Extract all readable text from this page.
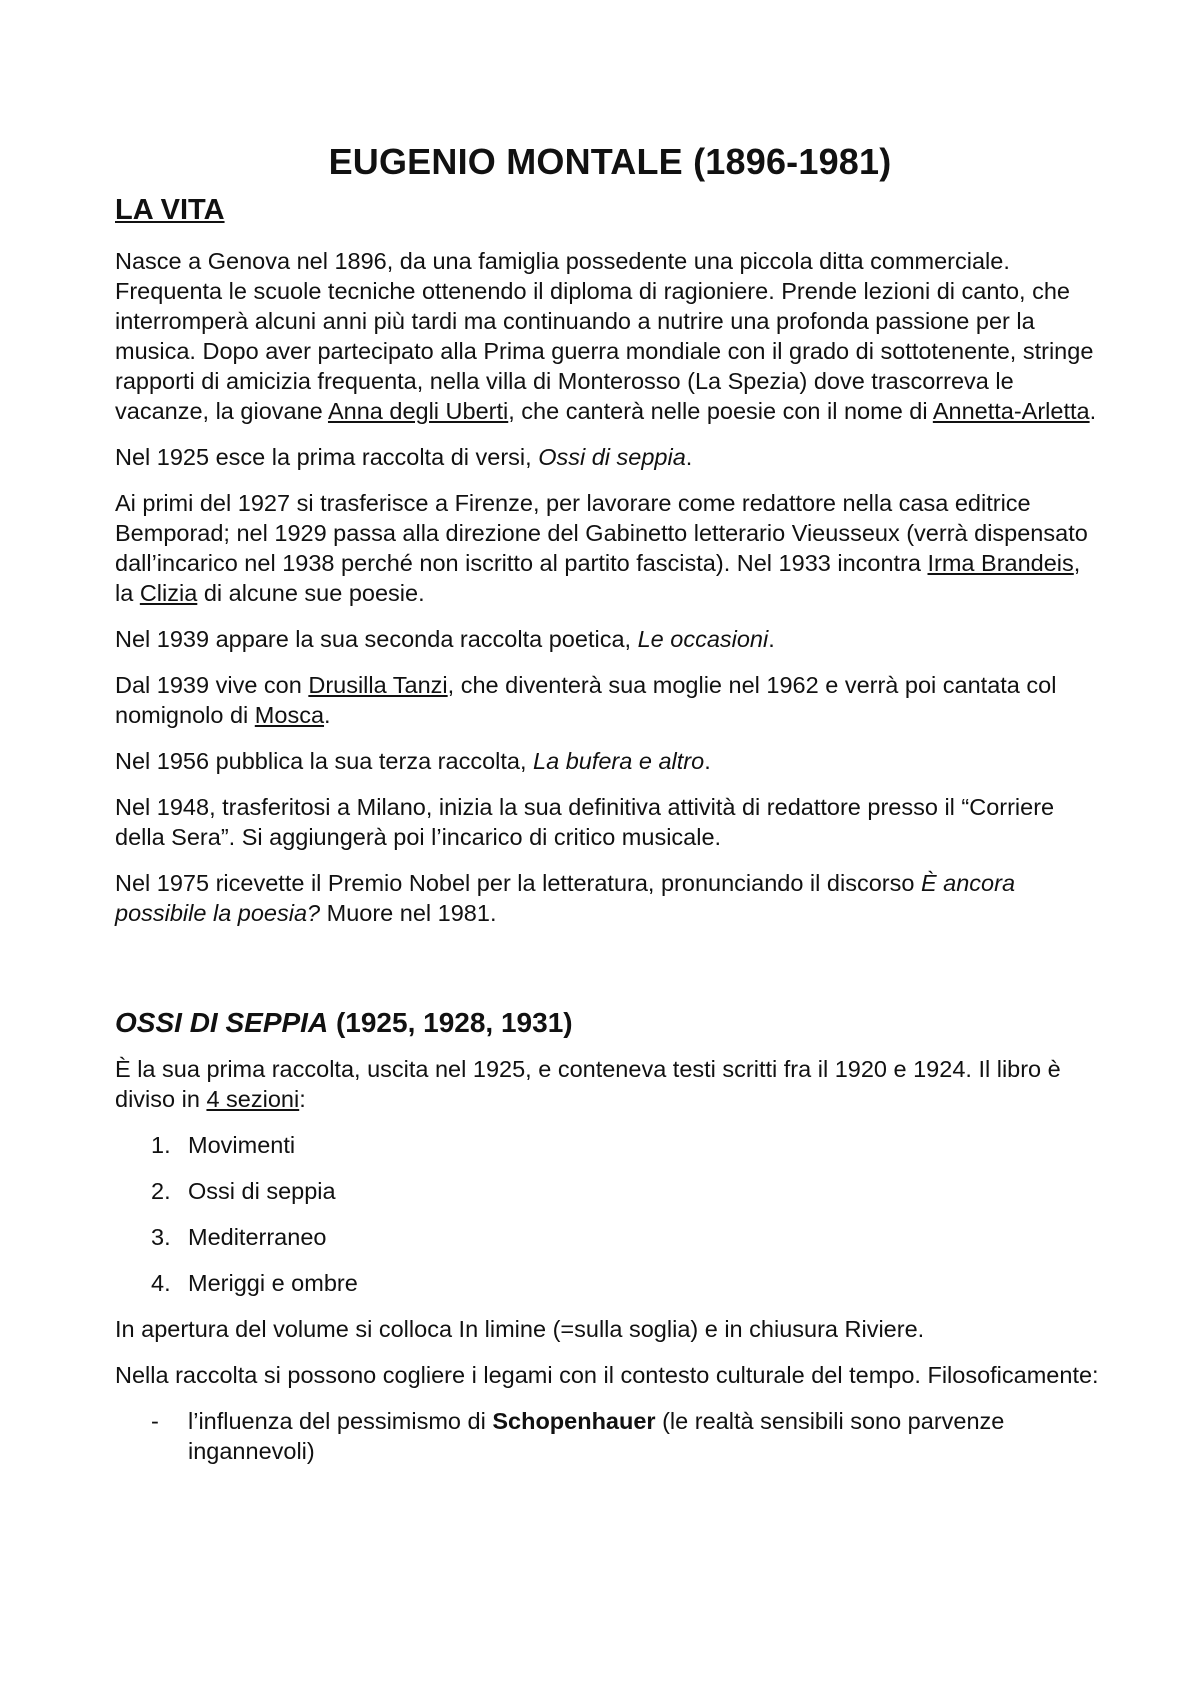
EUGENIO MONTALE (1896-1981)
LA VITA

Nasce a Genova nel 1896, da una famiglia possedente una piccola ditta commerciale. Frequenta le scuole tecniche ottenendo il diploma di ragioniere. Prende lezioni di canto, che interromperà alcuni anni più tardi ma continuando a nutrire una profonda passione per la musica. Dopo aver partecipato alla Prima guerra mondiale con il grado di sottotenente, stringe rapporti di amicizia frequenta, nella villa di Monterosso (La Spezia) dove trascorreva le vacanze, la giovane Anna degli Uberti, che canterà nelle poesie con il nome di Annetta-Arletta.

Nel 1925 esce la prima raccolta di versi, Ossi di seppia.

Ai primi del 1927 si trasferisce a Firenze, per lavorare come redattore nella casa editrice Bemporad; nel 1929 passa alla direzione del Gabinetto letterario Vieusseux (verrà dispensato dall’incarico nel 1938 perché non iscritto al partito fascista). Nel 1933 incontra Irma Brandeis, la Clizia di alcune sue poesie.

Nel 1939 appare la sua seconda raccolta poetica, Le occasioni.

Dal 1939 vive con Drusilla Tanzi, che diventerà sua moglie nel 1962 e verrà poi cantata col nomignolo di Mosca.

Nel 1956 pubblica la sua terza raccolta, La bufera e altro.

Nel 1948, trasferitosi a Milano, inizia la sua definitiva attività di redattore presso il “Corriere della Sera”. Si aggiungerà poi l’incarico di critico musicale.

Nel 1975 ricevette il Premio Nobel per la letteratura, pronunciando il discorso È ancora possibile la poesia? Muore nel 1981.

OSSI DI SEPPIA (1925, 1928, 1931)

È la sua prima raccolta, uscita nel 1925, e conteneva testi scritti fra il 1920 e 1924. Il libro è diviso in 4 sezioni:

1. Movimenti
2. Ossi di seppia
3. Mediterraneo
4. Meriggi e ombre

In apertura del volume si colloca In limine (=sulla soglia) e in chiusura Riviere.

Nella raccolta si possono cogliere i legami con il contesto culturale del tempo. Filosoficamente:

- l’influenza del pessimismo di Schopenhauer (le realtà sensibili sono parvenze ingannevoli)
